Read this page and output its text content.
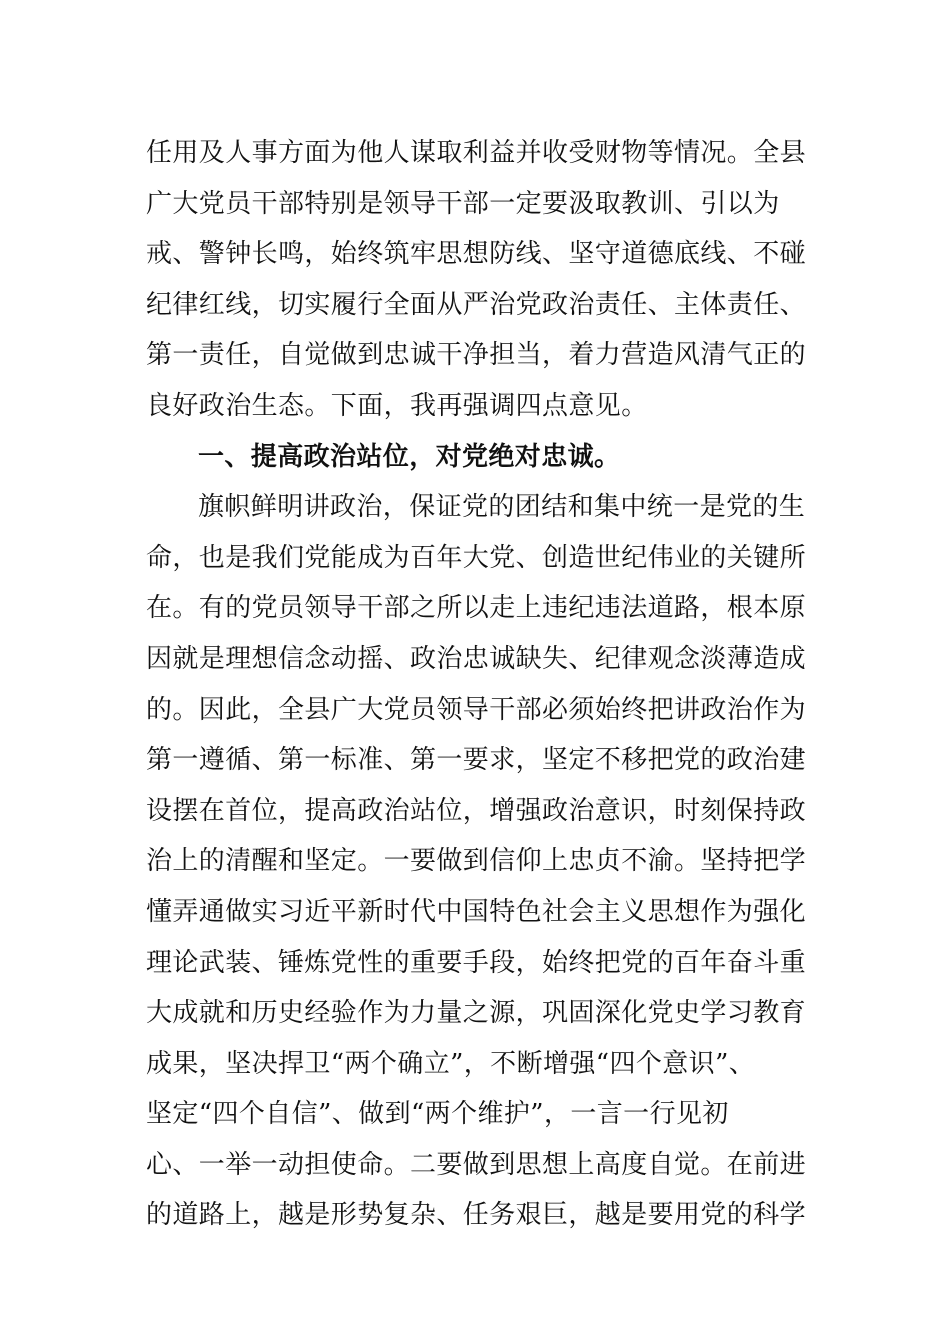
任用及人事方面为他人谋取利益并收受财物等情况。全县
广大党员干部特别是领导干部一定要汲取教训、引以为
戒、警钟长鸣，始终筑牢思想防线、坚守道德底线、不碰
纪律红线，切实履行全面从严治党政治责任、主体责任、
第一责任，自觉做到忠诚干净担当，着力营造风清气正的
良好政治生态。下面，我再强调四点意见。
一、提高政治站位，对党绝对忠诚。
旗帜鲜明讲政治，保证党的团结和集中统一是党的生
命，也是我们党能成为百年大党、创造世纪伟业的关键所
在。有的党员领导干部之所以走上违纪违法道路，根本原
因就是理想信念动摇、政治忠诚缺失、纪律观念淡薄造成
的。因此，全县广大党员领导干部必须始终把讲政治作为
第一遵循、第一标准、第一要求，坚定不移把党的政治建
设摆在首位，提高政治站位，增强政治意识，时刻保持政
治上的清醒和坚定。一要做到信仰上忠贞不渝。坚持把学
懂弄通做实习近平新时代中国特色社会主义思想作为强化
理论武装、锤炼党性的重要手段，始终把党的百年奋斗重
大成就和历史经验作为力量之源，巩固深化党史学习教育
成果，坚决捍卫“两个确立”，不断增强“四个意识”、
坚定“四个自信”、做到“两个维护”，一言一行见初
心、一举一动担使命。二要做到思想上高度自觉。在前进
的道路上，越是形势复杂、任务艰巨，越是要用党的科学
